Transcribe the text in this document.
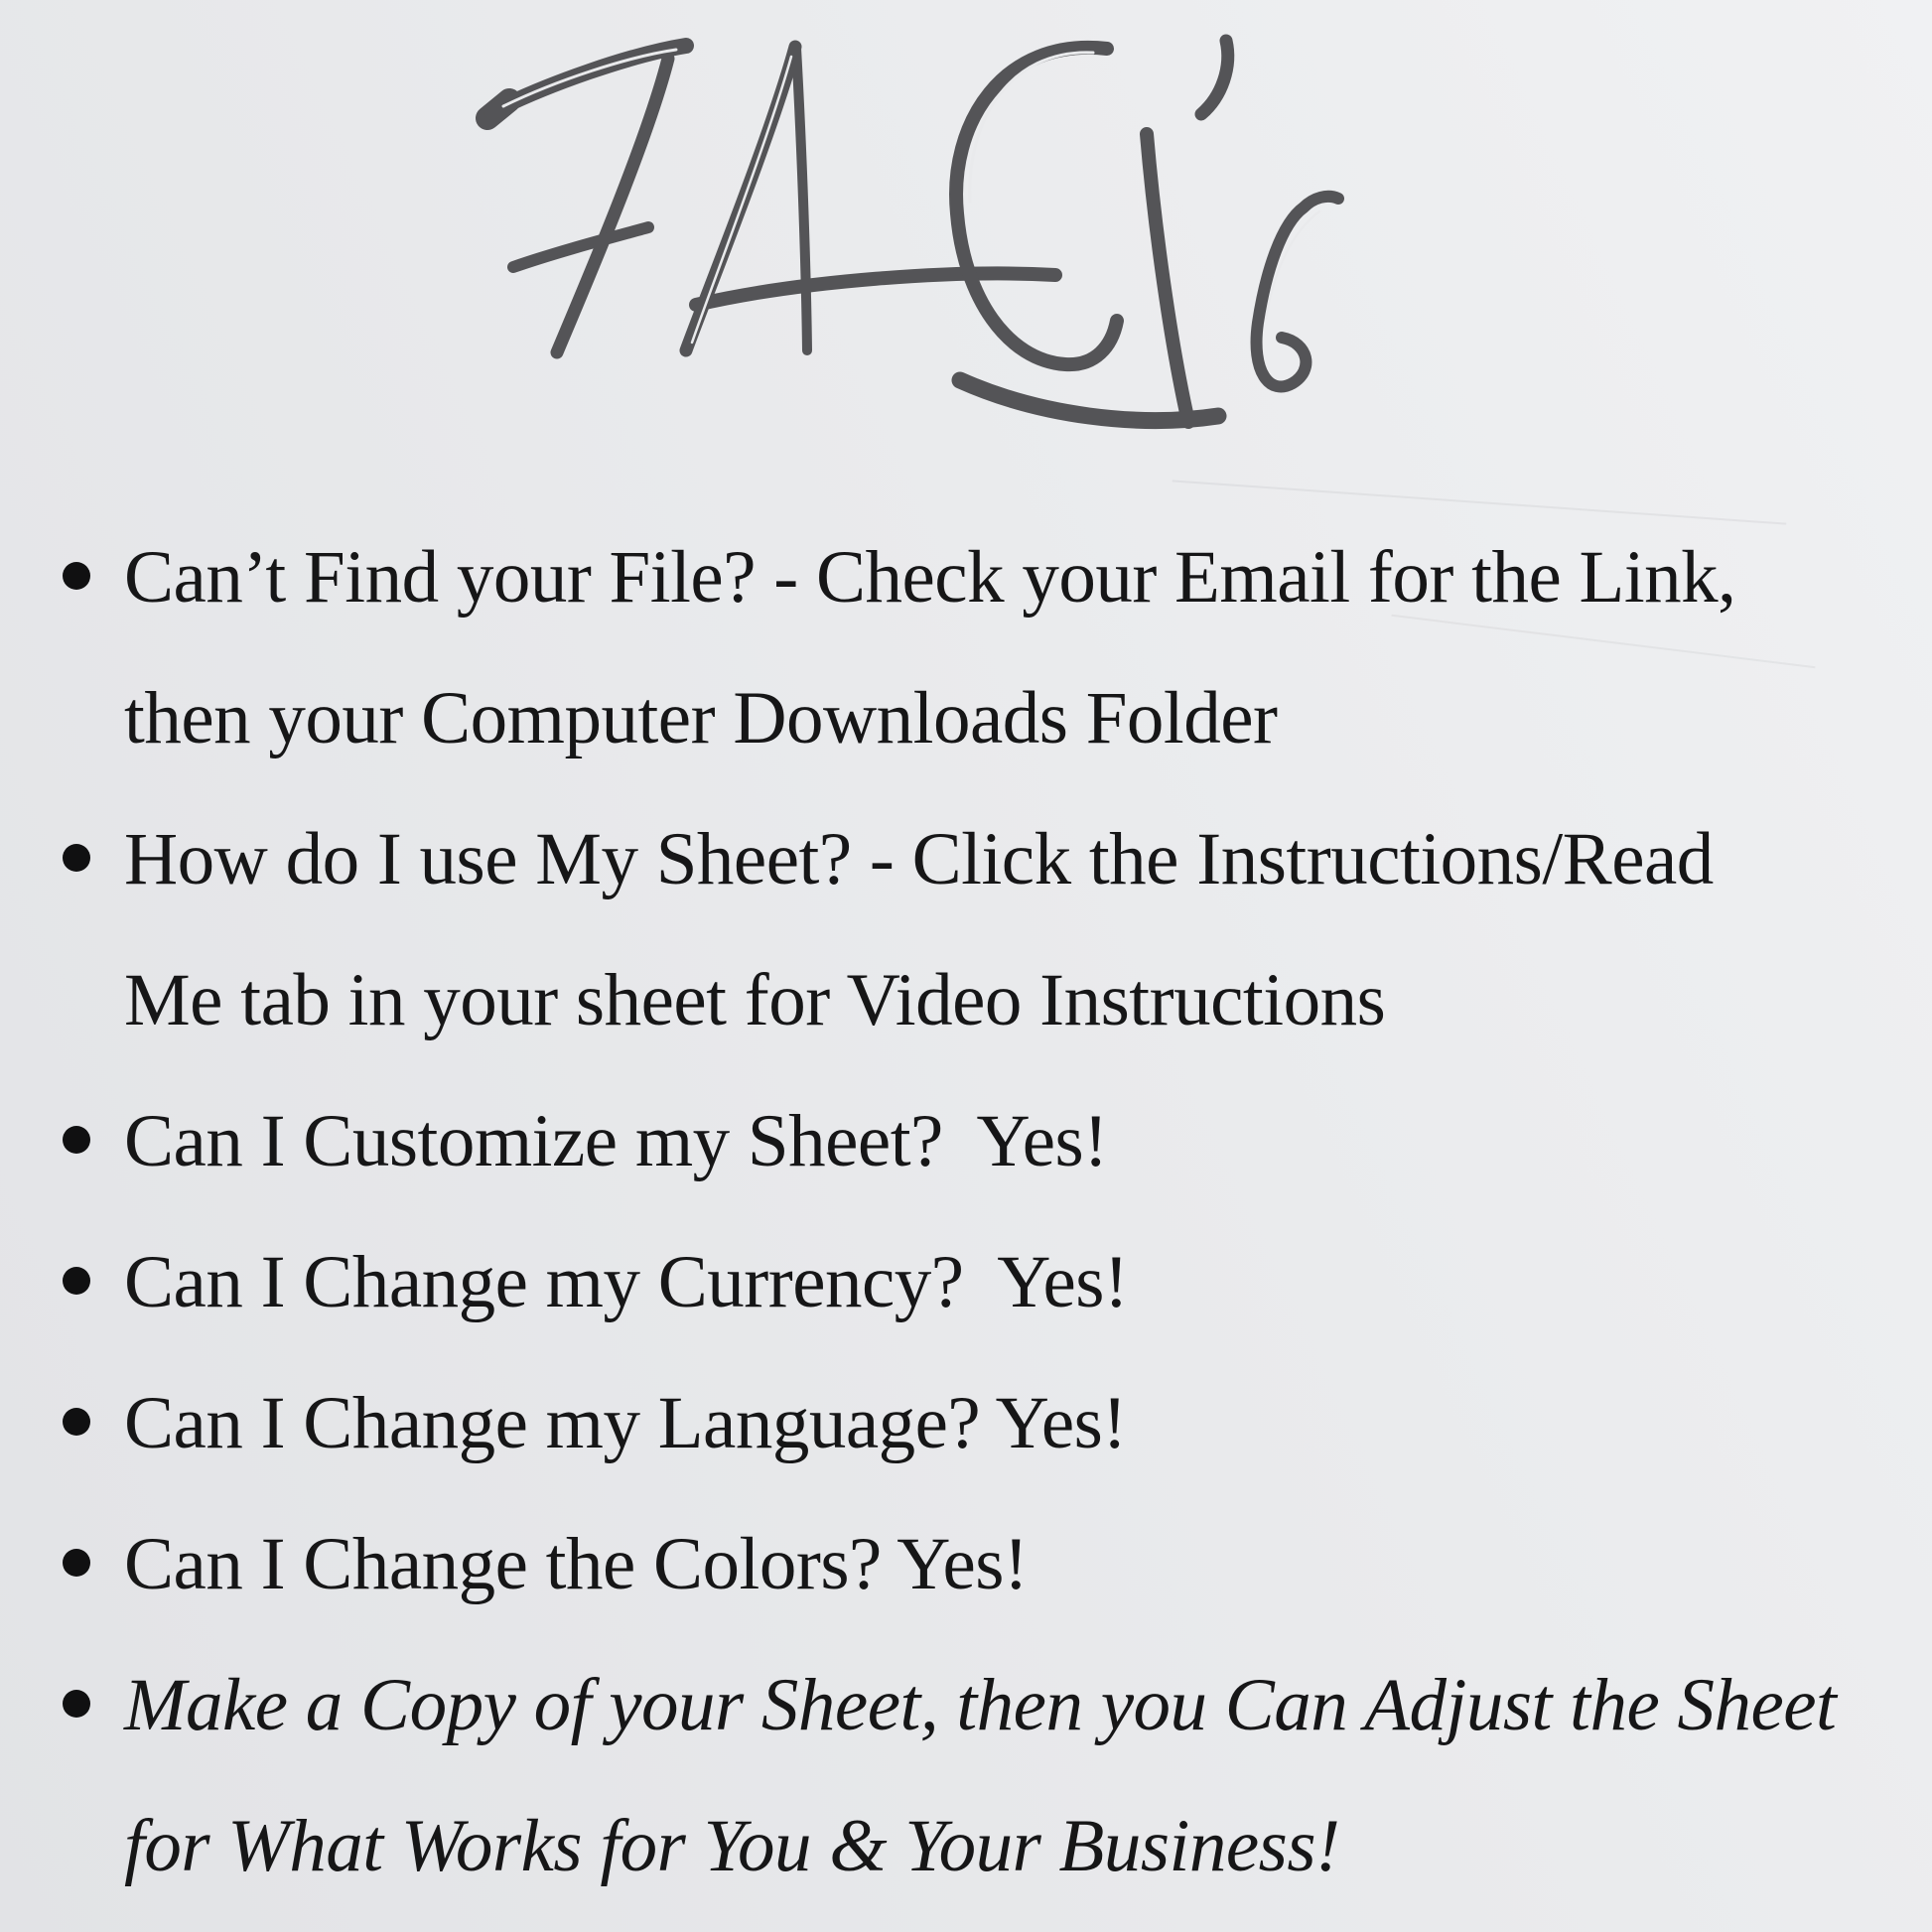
Can’t Find your File? - Check your Email for the Link,
then your Computer Downloads Folder
How do I use My Sheet? - Click the Instructions/Read
Me tab in your sheet for Video Instructions
Can I Customize my Sheet?  Yes!
Can I Change my Currency?  Yes!
Can I Change my Language? Yes!
Can I Change the Colors? Yes!
Make a Copy of your Sheet, then you Can Adjust the Sheet
for What Works for You & Your Business!
